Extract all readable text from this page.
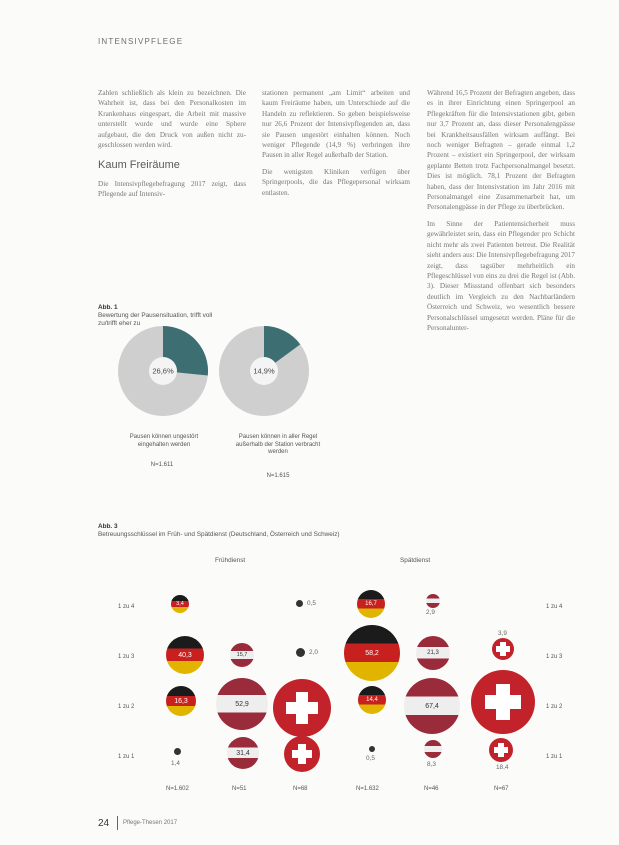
INTENSIVPFLEGE

Zahlen schließlich als klein zu bezeichnen. Die Wahrheit ist, dass bei den Personalkosten im Krankenhaus eingespart, die Arbeit mit massive unterstellt wurde und wurde eine Sphere aufgebaut, die den Druck von außen nicht zu-geschlossen werden wird.

Kaum Freiräume

Die Intensivpflegebefragung 2017 zeigt, dass Pflegende auf Intensiv-

stationen permanent „am Limit“ arbeiten und kaum Freiräume haben, um Unterschiede auf die Handeln zu reflektieren. So geben beispielsweise nur 26,6 Prozent der Intensivpflegenden an, dass sie Pausen ungestört einhalten können. Noch weniger Pflegende (14,9 %) verbringen ihre Pausen in aller Regel außerhalb der Station.

Die wenigsten Kliniken verfügen über Springerpools, die das Pflegepersonal wirksam entlasten.

Während 16,5 Prozent der Befragten angeben, dass es in ihrer Einrichtung einen Springerpool an Pflegekräften für die Intensivstationen gibt, geben nur 3,7 Prozent an, dass dieser Personalengpässe bei Krankheitsausfällen wirksam auffängt. Bei noch weniger Befragten – gerade einmal 1,2 Prozent – existiert ein Springerpool, der wirksam geplante Betten trotz Fachpersonalmangel besetzt. Dies ist möglich. 78,1 Prozent der Befragten haben, dass der Intensivstation im Jahr 2016 mit Personalmangel eine Zusammenarbeit hat, um Personalengpässe in der Pflege zu überbrücken.

Im Sinne der Patientensicherheit muss gewährleistet sein, dass ein Pflegender pro Schicht nicht mehr als zwei Patienten betreut. Die Realität sieht anders aus: Die Intensivpflegebefragung 2017 zeigt, dass tagsüber mehrheitlich ein Pflegeschlüssel von eins zu drei die Regel ist (Abb. 3). Dieser Missstand offenbart sich besonders deutlich im Vergleich zu den Nachbarländern Österreich und Schweiz, wo wesentlich bessere Personalschlüssel umgesetzt werden. Pläne für die Personalunter-

Abb. 1
Bewertung der Pausensituation, trifft voll zu/trifft eher zu
26,6%	14,9%
Pausen können ungestört eingehalten werden
N=1.611
Pausen können in aller Regel außerhalb der Station verbracht werden
N=1.615
Abb. 3
Betreuungsschlüssel im Früh- und Spätdienst (Deutschland, Österreich und Schweiz)
Frühdienst	Spätdienst
1 zu 4
1 zu 3
1 zu 2
1 zu 1
1 zu 4
1 zu 3
1 zu 2
1 zu 1
3,4
40,3
16,3
1,4
15,7
52,9
31,4
0,5
2,0
64,7
37,3
16,7
58,2
14,4
0,5
2,9
21,3
67,4
8,3
3,9
77,6
18,4
N=1.602	N=51	N=68	N=1.632	N=46	N=67
24 Pflege-Thesen 2017
